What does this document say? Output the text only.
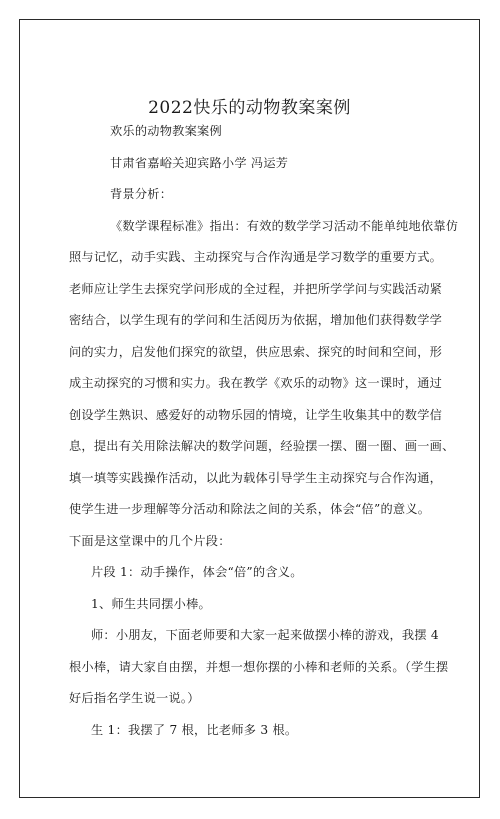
2022快乐的动物教案案例
欢乐的动物教案案例
甘肃省嘉峪关迎宾路小学 冯运芳
背景分析：
《数学课程标准》指出：有效的数学学习活动不能单纯地依靠仿
照与记忆，动手实践、主动探究与合作沟通是学习数学的重要方式。
老师应让学生去探究学问形成的全过程，并把所学学问与实践活动紧
密结合，以学生现有的学问和生活阅历为依据，增加他们获得数学学
问的实力，启发他们探究的欲望，供应思索、探究的时间和空间，形
成主动探究的习惯和实力。我在教学《欢乐的动物》这一课时，通过
创设学生熟识、感爱好的动物乐园的情境，让学生收集其中的数学信
息，提出有关用除法解决的数学问题，经验摆一摆、圈一圈、画一画、
填一填等实践操作活动，以此为载体引导学生主动探究与合作沟通，
使学生进一步理解等分活动和除法之间的关系，体会“倍”的意义。
下面是这堂课中的几个片段：
片段 1：动手操作，体会“倍”的含义。
1、师生共同摆小棒。
师：小朋友，下面老师要和大家一起来做摆小棒的游戏，我摆 4
根小棒，请大家自由摆，并想一想你摆的小棒和老师的关系。（学生摆
好后指名学生说一说。）
生 1：我摆了 7 根，比老师多 3 根。
